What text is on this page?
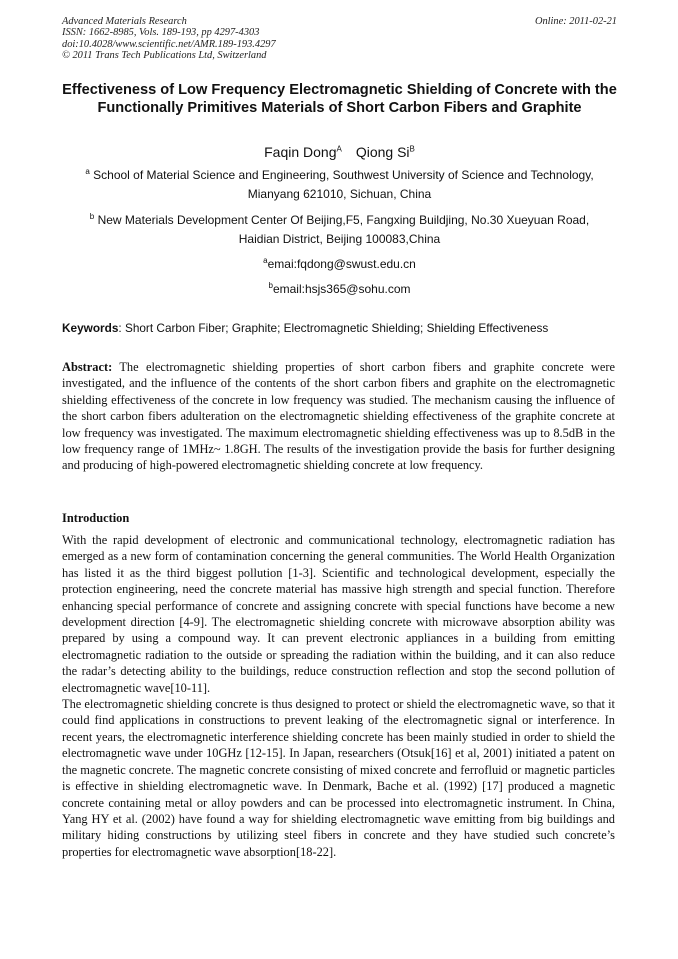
Advanced Materials Research
ISSN: 1662-8985, Vols. 189-193, pp 4297-4303
doi:10.4028/www.scientific.net/AMR.189-193.4297
© 2011 Trans Tech Publications Ltd, Switzerland
Online: 2011-02-21
Effectiveness of Low Frequency Electromagnetic Shielding of Concrete with the Functionally Primitives Materials of Short Carbon Fibers and Graphite
Faqin Dong$^A$ Qiong $Si^B$
$^a$ School of Material Science and Engineering, Southwest University of Science and Technology,
Mianyang 621010, Sichuan, China
$^b$ New Materials Development Center Of Beijing,F5, Fangxing Buildjing, No.30 Xueyuan Road,
Haidian District, Beijing 100083,China
$^a$emai:fqdong@swust.edu.cn
$^b$email:hsjs365@sohu.com
Keywords: Short Carbon Fiber; Graphite; Electromagnetic Shielding; Shielding Effectiveness
Abstract: The electromagnetic shielding properties of short carbon fibers and graphite concrete were investigated, and the influence of the contents of the short carbon fibers and graphite on the electromagnetic shielding effectiveness of the concrete in low frequency was studied. The mechanism causing the influence of the short carbon fibers adulteration on the electromagnetic shielding effectiveness of the graphite concrete at low frequency was investigated. The maximum electromagnetic shielding effectiveness was up to 8.5dB in the low frequency range of 1MHz~ 1.8GH. The results of the investigation provide the basis for further designing and producing of high-powered electromagnetic shielding concrete at low frequency.
Introduction

With the rapid development of electronic and communicational technology, electromagnetic radiation has emerged as a new form of contamination concerning the general communities. The World Health Organization has listed it as the third biggest pollution [1-3]. Scientific and technological development, especially the protection engineering, need the concrete material has massive high strength and special function. Therefore enhancing special performance of concrete and assigning concrete with special functions have become a new development direction [4-9]. The electromagnetic shielding concrete with microwave absorption ability was prepared by using a compound way. It can prevent electronic appliances in a building from emitting electromagnetic radiation to the outside or spreading the radiation within the building, and it can also reduce the radar’s detecting ability to the buildings, reduce construction reflection and stop the second pollution of electromagnetic wave[10-11].

The electromagnetic shielding concrete is thus designed to protect or shield the electromagnetic wave, so that it could find applications in constructions to prevent leaking of the electromagnetic signal or interference. In recent years, the electromagnetic interference shielding concrete has been mainly studied in order to shield the electromagnetic wave under 10GHz [12-15]. In Japan, researchers (Otsuk[16] et al, 2001) initiated a patent on the magnetic concrete. The magnetic concrete consisting of mixed concrete and ferrofluid or magnetic particles is effective in shielding electromagnetic wave. In Denmark, Bache et al. (1992) [17] produced a magnetic concrete containing metal or alloy powders and can be processed into electromagnetic instrument. In China, Yang HY et al. (2002) have found a way for shielding electromagnetic wave emitting from big buildings and military hiding constructions by utilizing steel fibers in concrete and they have studied such concrete’s properties for electromagnetic wave absorption[18-22].
